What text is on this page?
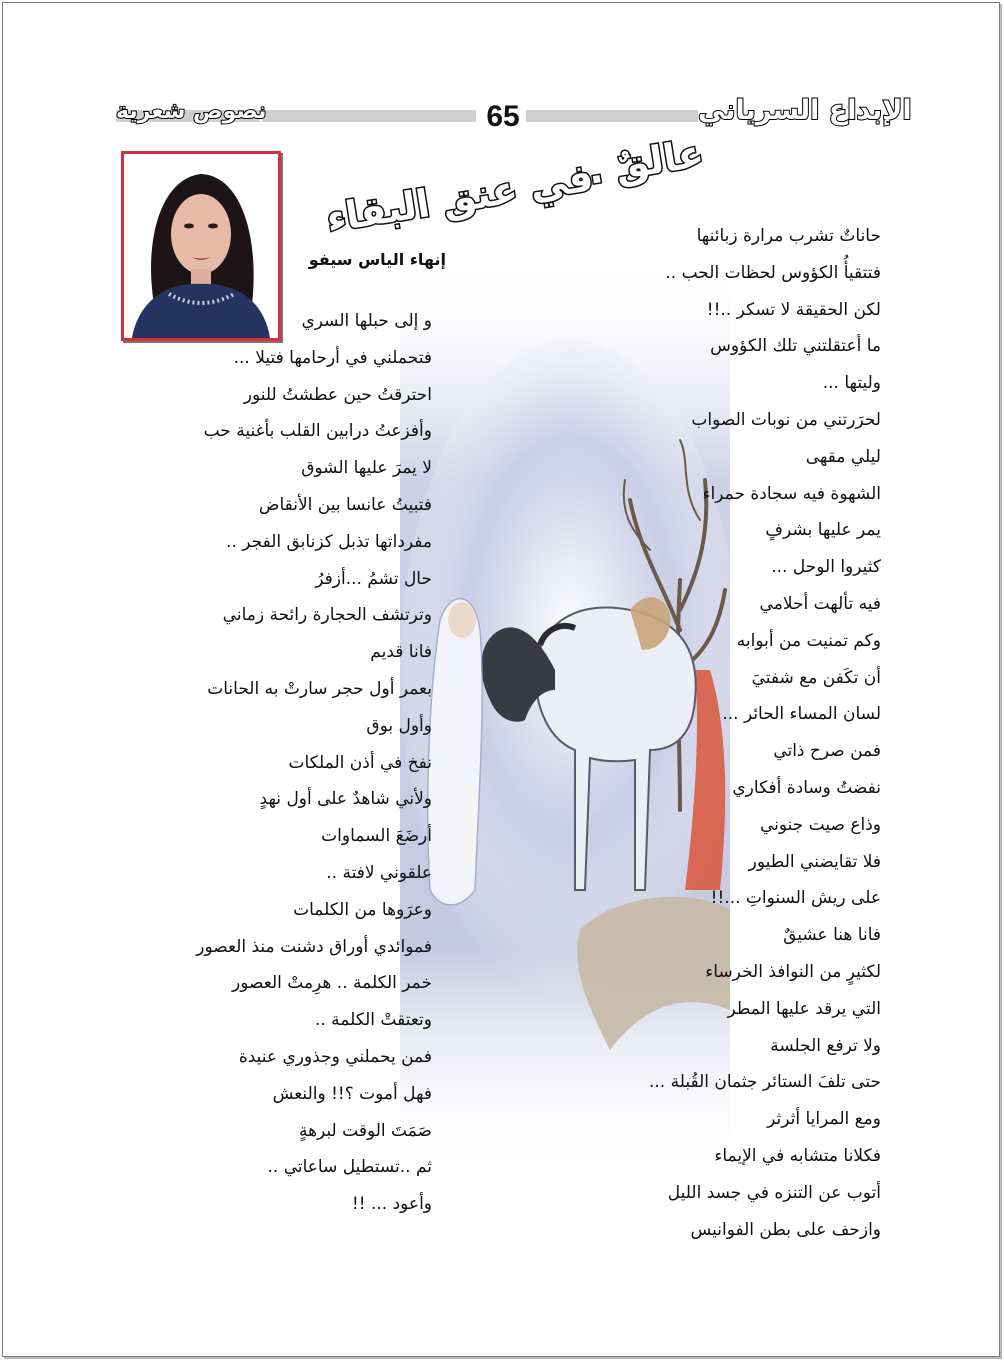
نصوص شعرية	65	الإبداع السرياني
عالقٌ ..
في عنق البقاء
إنهاء الياس سيفو
حاناتٌ تشرب مرارة زبائنها
فتتقيأُ الكؤوس لحظات الحب ..
لكن الحقيقة لا تسكر ..!!
ما أعتقلتني تلك الكؤوس
وليتها ...
لحرَرتني من نوبات الصواب
ليلي مقهى
الشهوة فيه سجادة حمراء
يمر عليها بشرفٍ
كثيروا الوحل ...
فيه تألهت أحلامي
وكم تمنيت من أبوابه
أن تكَفن مع شفتيَ
لسان المساء الحائر ...
فمن صرح ذاتي
نفضتُ وسادة أفكاري
وذاع صيت جنوني
فلا تقايضني الطيور
على ريش السنواتِ ...!!
فانا هنا عشيقٌ
لكثيرٍ من النوافذ الخرساء
التي يرقد عليها المطر
ولا ترفع الجلسة
حتى تلفَ الستائر جثمان القُبلة ...
ومع المرايا أثرثر
فكلانا متشابه في الإيماء
أتوب عن التنزه في جسد الليل
وازحف على بطن الفوانيس
و إلى حبلها السري
فتحملني في أرحامها فتيلا ...
احترقتُ حين عطشتُ للنور
وأفزعتُ درابين القلب بأغنية حب
لا يمرَ عليها الشوق
فتبيتُ عانسا بين الأنقاض
مفرداتها تذبل كزنابق الفجر ..
حال تشمُ ...أزفرُ
وترتشف الحجارة رائحة زماني
فانا قديم
بعمر أول حجر سارتْ به الحانات
وأول بوق
نفخ في أذن الملكات
ولأني شاهدٌ على أول نهدٍ
أرضَعَ السماوات
علقوني لافتة ..
وعرَوها من الكلمات
فموائدي أوراق دشنت منذ العصور
خمر الكلمة .. هرِمتْ العصور
وتعتقتْ الكلمة ..
فمن يحملني وجذوري عنيدة
فهل أموت ؟!! والنعش
صَمَتَ الوقت لبرهةٍ
ثم ..تستطيل ساعاتي ..
وأعود ... !!
